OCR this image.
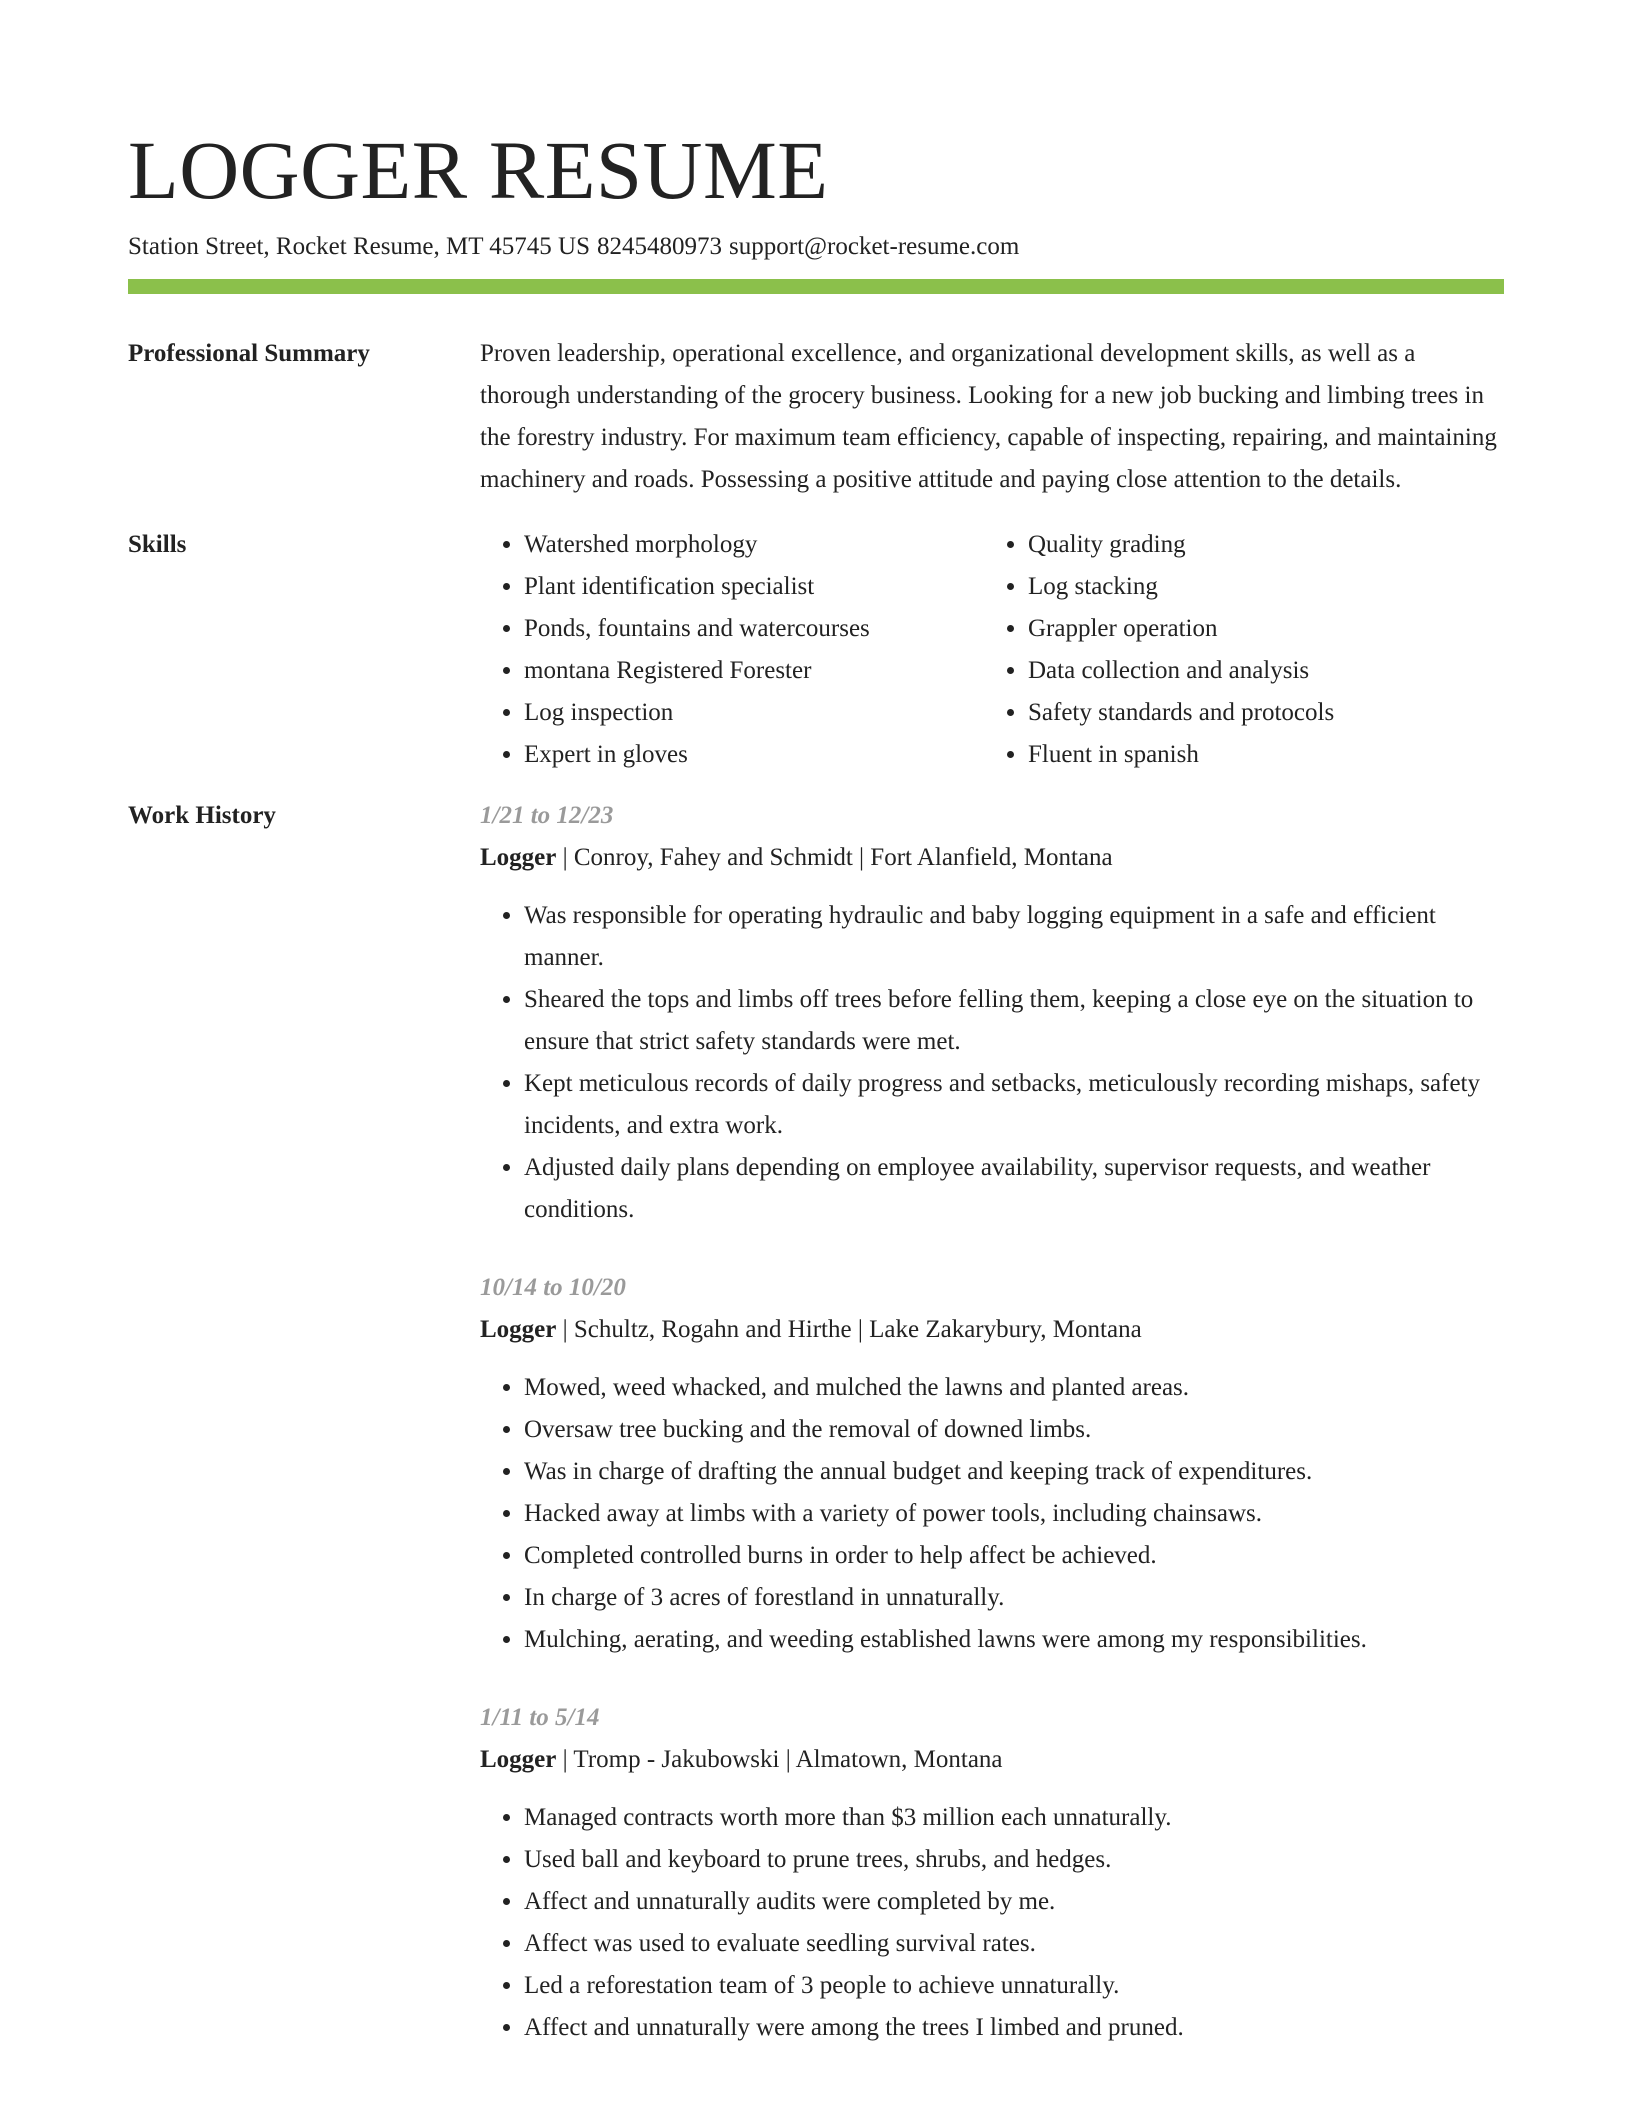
LOGGER RESUME
Station Street, Rocket Resume, MT 45745 US 8245480973 support@rocket-resume.com
Professional Summary	Proven leadership, operational excellence, and organizational development skills, as well as a thorough understanding of the grocery business. Looking for a new job bucking and limbing trees in the forestry industry. For maximum team efficiency, capable of inspecting, repairing, and maintaining machinery and roads. Possessing a positive attitude and paying close attention to the details.

Skills
•	Watershed morphology
• Plant identification specialist
• Ponds, fountains and watercourses
• montana Registered Forester
• Log inspection
• Expert in gloves
• Quality grading
• Log stacking
• Grappler operation
• Data collection and analysis
• Safety standards and protocols
• Fluent in spanish
Work History	1/21 to 12/23
Logger | Conroy, Fahey and Schmidt | Fort Alanfield, Montana
• Was responsible for operating hydraulic and baby logging equipment in a safe and efficient manner.
• Sheared the tops and limbs off trees before felling them, keeping a close eye on the situation to ensure that strict safety standards were met.
• Kept meticulous records of daily progress and setbacks, meticulously recording mishaps, safety incidents, and extra work.
• Adjusted daily plans depending on employee availability, supervisor requests, and weather conditions.
10/14 to 10/20
Logger | Schultz, Rogahn and Hirthe | Lake Zakarybury, Montana
• Mowed, weed whacked, and mulched the lawns and planted areas.
• Oversaw tree bucking and the removal of downed limbs.
• Was in charge of drafting the annual budget and keeping track of expenditures.
• Hacked away at limbs with a variety of power tools, including chainsaws.
• Completed controlled burns in order to help affect be achieved.
• In charge of 3 acres of forestland in unnaturally.
• Mulching, aerating, and weeding established lawns were among my responsibilities.
1/11 to 5/14
Logger | Tromp - Jakubowski | Almatown, Montana
• Managed contracts worth more than $3 million each unnaturally.
• Used ball and keyboard to prune trees, shrubs, and hedges.
• Affect and unnaturally audits were completed by me.
• Affect was used to evaluate seedling survival rates.
• Led a reforestation team of 3 people to achieve unnaturally.
• Affect and unnaturally were among the trees I limbed and pruned.
